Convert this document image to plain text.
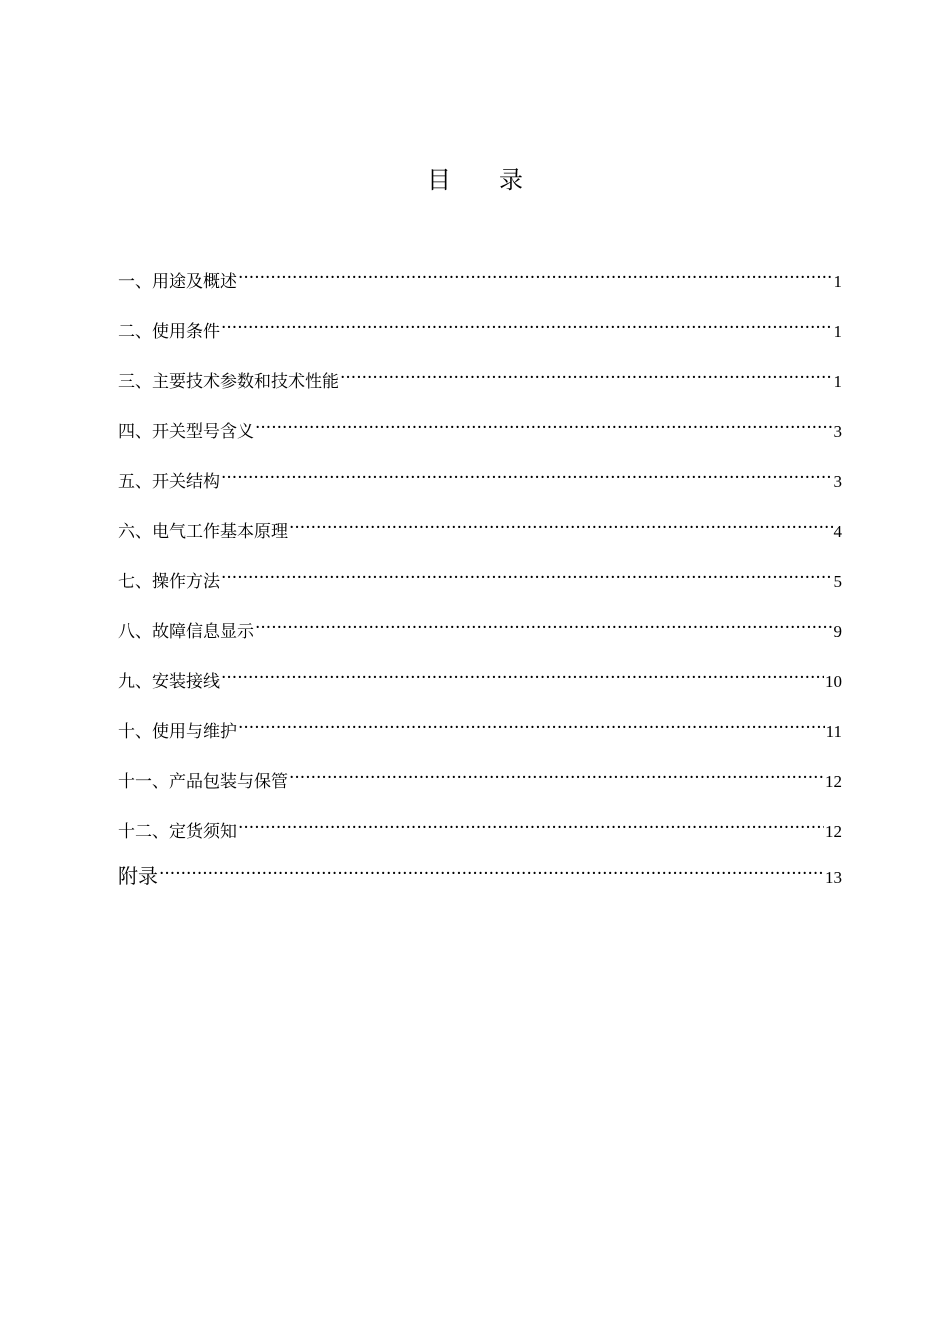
目 录
一、用途及概述 ·····	1
二、使用条件 ·····	1
三、主要技术参数和技术性能 ·····	1
四、开关型号含义 ·····	3
五、开关结构 ·····	3
六、电气工作基本原理 ·····	4
七、操作方法 ·····	5
八、故障信息显示 ·····	9
九、安装接线 ·····	10
十、使用与维护 ·····	11
十一、产品包装与保管 ·····	12
十二、定货须知 ·····	12
附录 ·····	13
